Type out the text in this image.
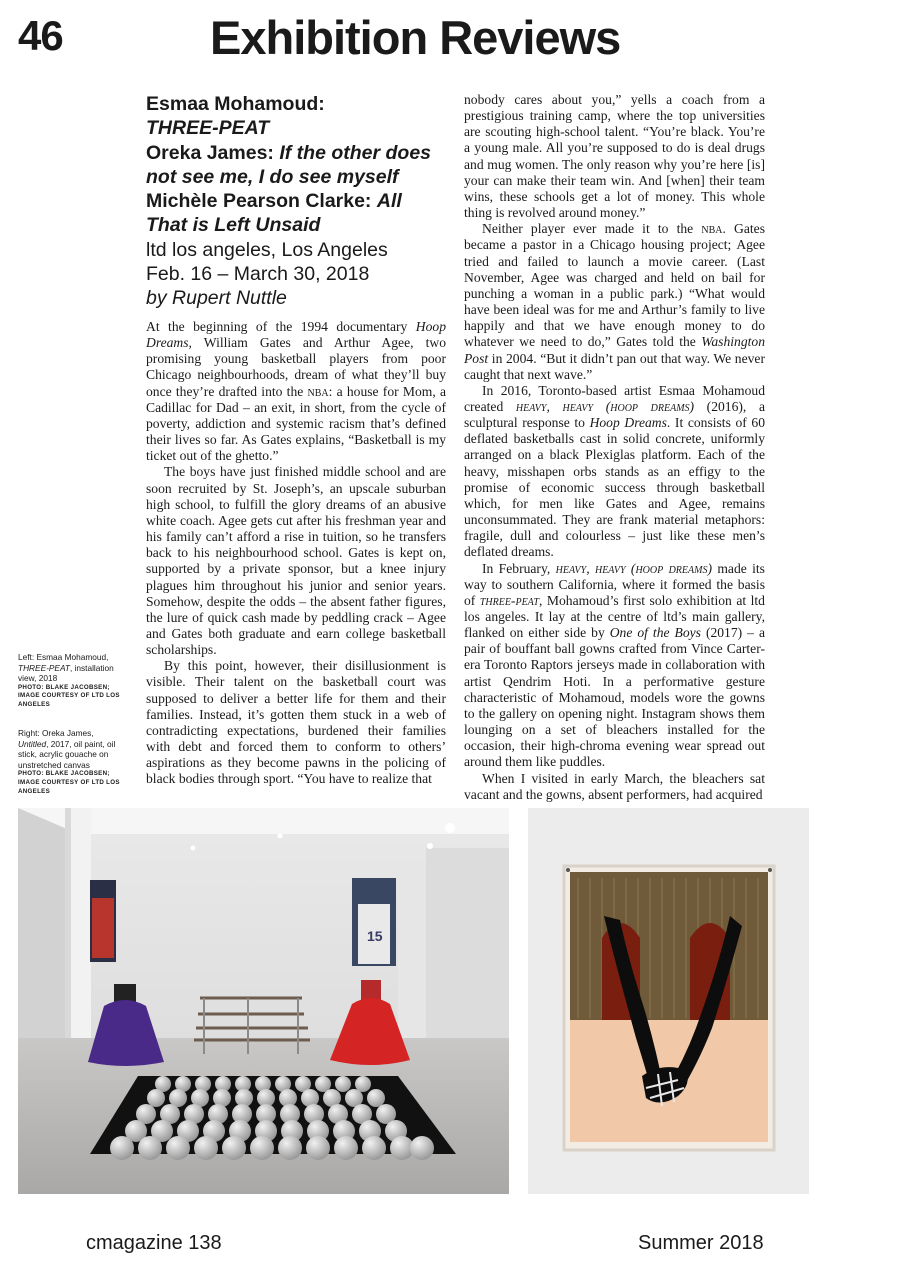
46	Exhibition Reviews
Esmaa Mohamoud:
THREE-PEAT
Oreka James: If the other does not see me, I do see myself
Michèle Pearson Clarke: All That is Left Unsaid
ltd los angeles, Los Angeles
Feb. 16 – March 30, 2018
by Rupert Nuttle

At the beginning of the 1994 documentary Hoop Dreams, William Gates and Arthur Agee, two promising young basketball players from poor Chicago neighbourhoods, dream of what they’ll buy once they’re drafted into the nba: a house for Mom, a Cadillac for Dad – an exit, in short, from the cycle of poverty, addiction and systemic racism that’s defined their lives so far. As Gates explains, “Basketball is my ticket out of the ghetto.”

The boys have just finished middle school and are soon recruited by St. Joseph’s, an upscale suburban high school, to fulfill the glory dreams of an abusive white coach. Agee gets cut after his freshman year and his family can’t afford a rise in tuition, so he transfers back to his neighbourhood school. Gates is kept on, supported by a private sponsor, but a knee injury plagues him throughout his junior and senior years. Somehow, despite the odds – the absent father figures, the lure of quick cash made by peddling crack – Agee and Gates both graduate and earn college basketball scholarships.

By this point, however, their disillusionment is visible. Their talent on the basketball court was supposed to deliver a better life for them and their families. Instead, it’s gotten them stuck in a web of contradicting expectations, burdened their families with debt and forced them to conform to others’ aspirations as they become pawns in the policing of black bodies through sport. “You have to realize that

nobody cares about you,” yells a coach from a prestigious training camp, where the top universities are scouting high-school talent. “You’re black. You’re a young male. All you’re supposed to do is deal drugs and mug women. The only reason why you’re here [is] your can make their team win. And [when] their team wins, these schools get a lot of money. This whole thing is revolved around money.”

Neither player ever made it to the nba. Gates became a pastor in a Chicago housing project; Agee tried and failed to launch a movie career. (Last November, Agee was charged and held on bail for punching a woman in a public park.) “What would have been ideal was for me and Arthur’s family to live happily and that we have enough money to do whatever we need to do,” Gates told the Washington Post in 2004. “But it didn’t pan out that way. We never caught that next wave.”

In 2016, Toronto-based artist Esmaa Mohamoud created heavy, heavy (hoop dreams) (2016), a sculptural response to Hoop Dreams. It consists of 60 deflated basketballs cast in solid concrete, uniformly arranged on a black Plexiglas platform. Each of the heavy, misshapen orbs stands as an effigy to the promise of economic success through basketball which, for men like Gates and Agee, remains unconsummated. They are frank material metaphors: fragile, dull and colourless – just like these men’s deflated dreams.

In February, heavy, heavy (hoop dreams) made its way to southern California, where it formed the basis of three-peat, Mohamoud’s first solo exhibition at ltd los angeles. It lay at the centre of ltd’s main gallery, flanked on either side by One of the Boys (2017) – a pair of bouffant ball gowns crafted from Vince Carter-era Toronto Raptors jerseys made in collaboration with artist Qendrim Hoti. In a performative gesture characteristic of Mohamoud, models wore the gowns to the gallery on opening night. Instagram shows them lounging on a set of bleachers installed for the occasion, their high-chroma evening wear spread out around them like puddles.

When I visited in early March, the bleachers sat vacant and the gowns, absent performers, had acquired

Left: Esmaa Mohamoud, THREE-PEAT, installation view, 2018
PHOTO: BLAKE JACOBSEN; IMAGE COURTESY OF LTD LOS ANGELES
Right: Oreka James, Untitled, 2017, oil paint, oil stick, acrylic gouache on unstretched canvas
PHOTO: BLAKE JACOBSEN; IMAGE COURTESY OF LTD LOS ANGELES
15
cmagazine 138	Summer 2018
